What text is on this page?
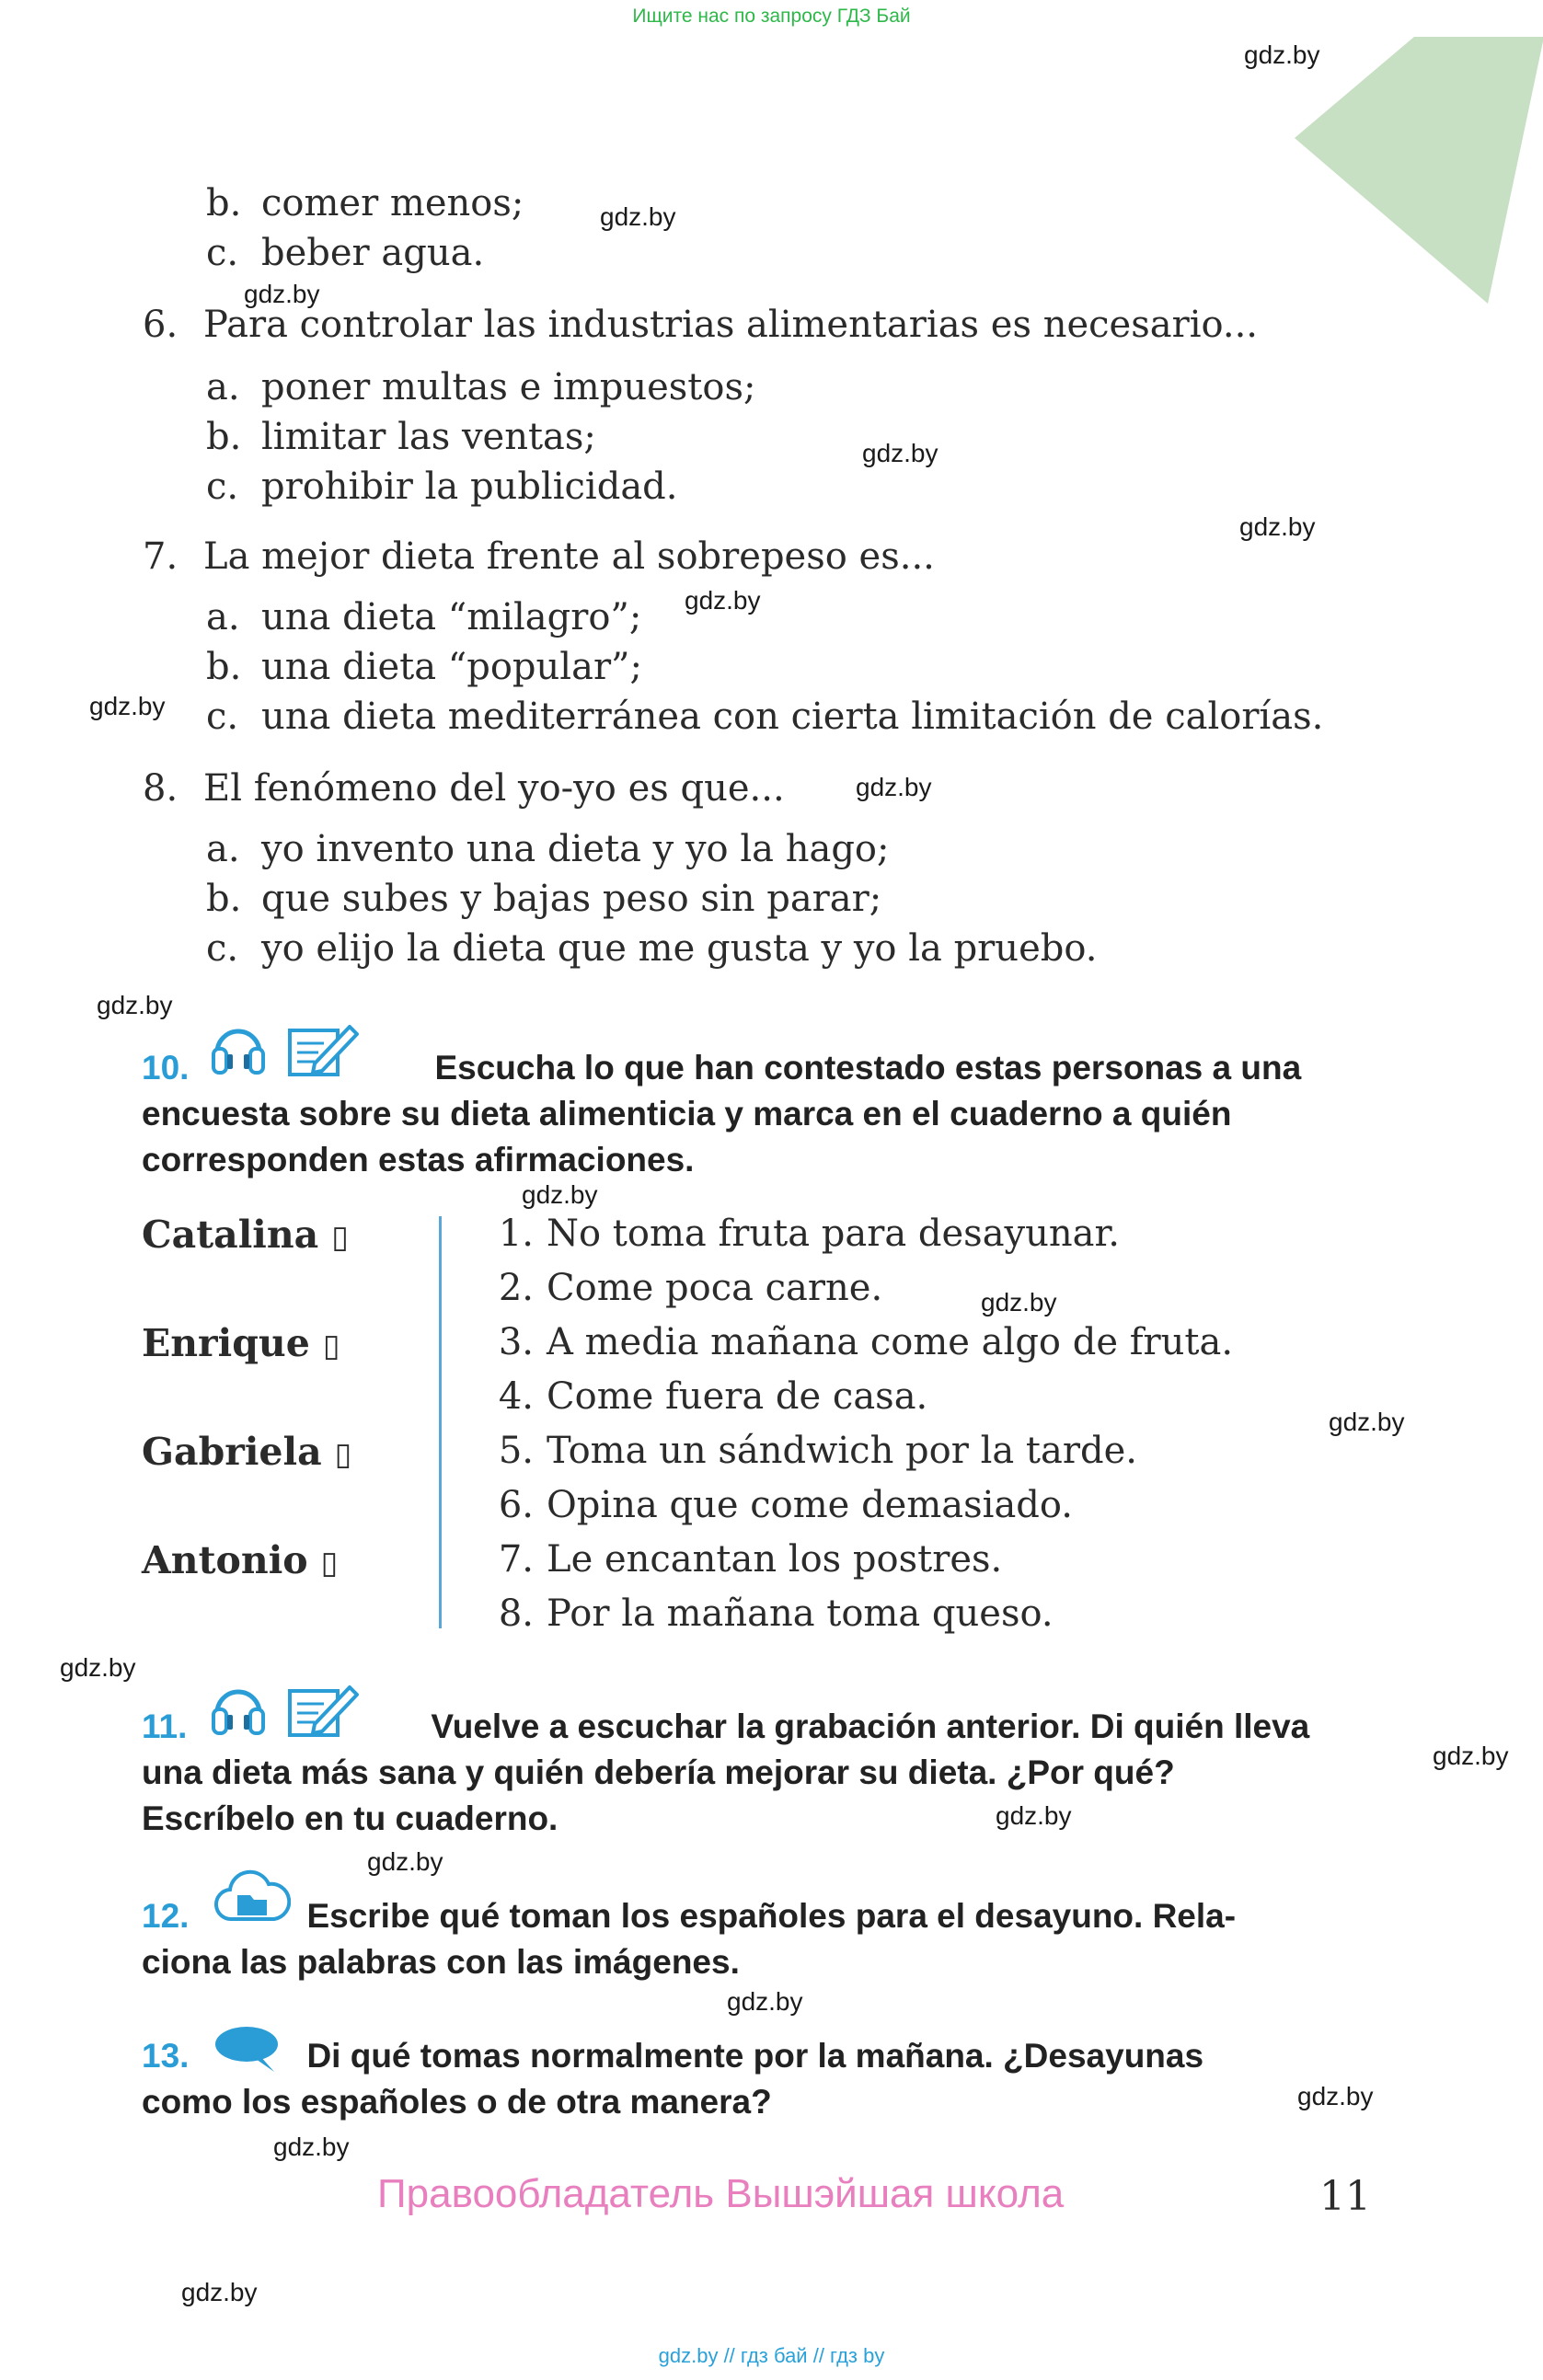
Ищите нас по запросу ГДЗ Бай
gdz.by
gdz.by
gdz.by
gdz.by
gdz.by
gdz.by
gdz.by
gdz.by
gdz.by
gdz.by
gdz.by
gdz.by
gdz.by
gdz.by
gdz.by
gdz.by
gdz.by
gdz.by
gdz.by
gdz.by
b. comer menos;
c. beber agua.
6. Para controlar las industrias alimentarias es necesario...
a. poner multas e impuestos;
b. limitar las ventas;
c. prohibir la publicidad.
7. La mejor dieta frente al sobrepeso es...
a. una dieta “milagro”;
b. una dieta “popular”;
c. una dieta mediterránea con cierta limitación de calorías.
8. El fenómeno del yo-yo es que...
a. yo invento una dieta y yo la hago;
b. que subes y bajas peso sin parar;
c. yo elijo la dieta que me gusta y yo la pruebo.
10.	Escucha lo que han contestado estas personas a una
encuesta sobre su dieta alimenticia y marca en el cuaderno a quién
corresponden estas afirmaciones.
Catalina ▯
Enrique ▯
Gabriela ▯
Antonio ▯
1. No toma fruta para desayunar.
2. Come poca carne.
3. A media mañana come algo de fruta.
4. Come fuera de casa.
5. Toma un sándwich por la tarde.
6. Opina que come demasiado.
7. Le encantan los postres.
8. Por la mañana toma queso.
11.	Vuelve a escuchar la grabación anterior. Di quién lleva
una dieta más sana y quién debería mejorar su dieta. ¿Por qué?
Escríbelo en tu cuaderno.
12.	Escribe qué toman los españoles para el desayuno. Rela-
ciona las palabras con las imágenes.
13.	Di qué tomas normalmente por la mañana. ¿Desayunas
como los españoles o de otra manera?
Правообладатель Вышэйшая школа	11
gdz.by // гдз бай // гдз by
